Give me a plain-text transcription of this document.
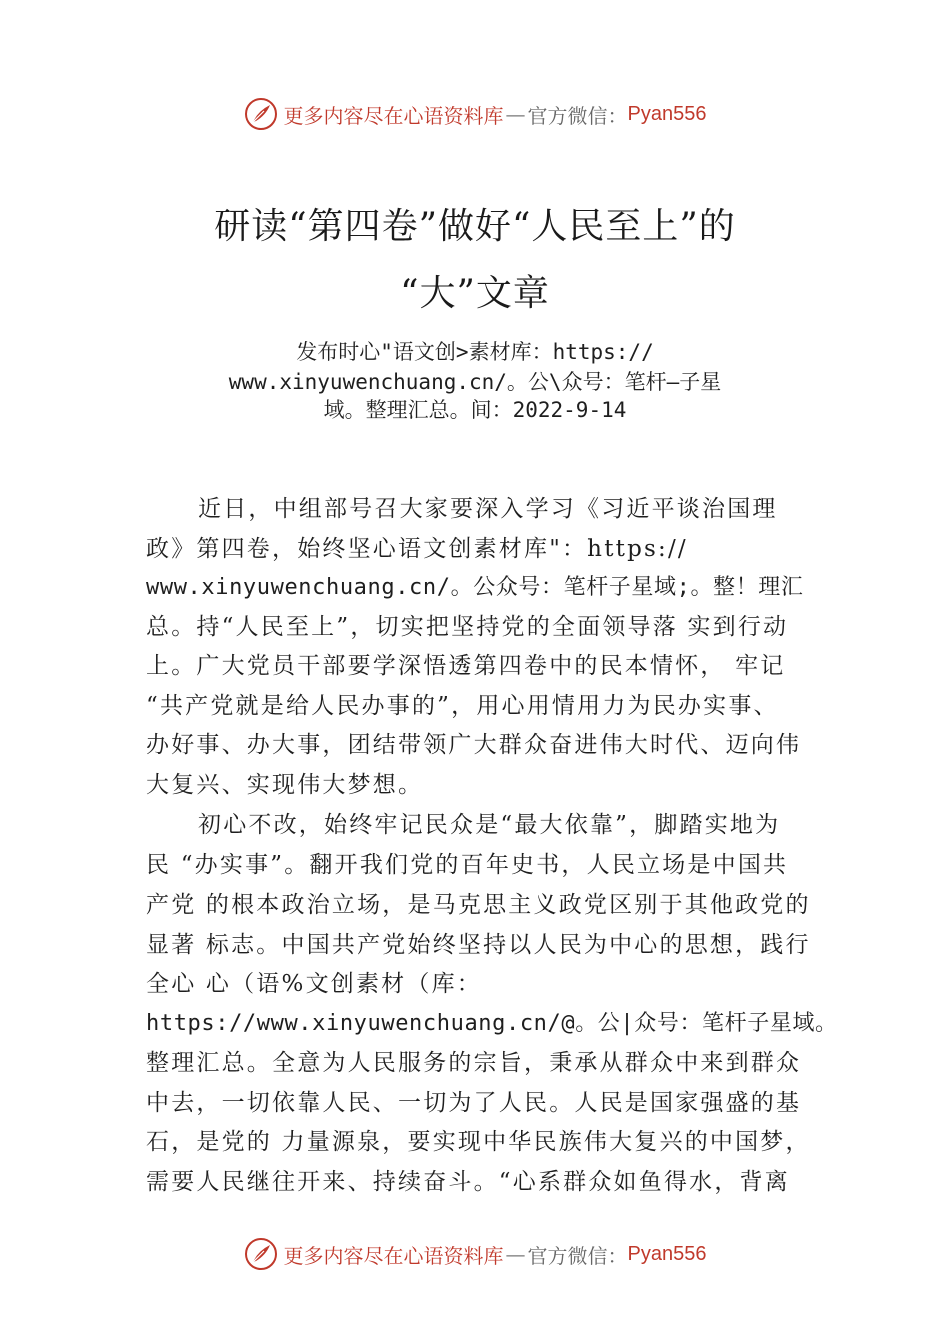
更多内容尽在心语资料库 — 官方微信： Pyan556
研读“第四卷”做好“人民至上”的
“大”文章
发布时心"语文创>素材库：https://
www.xinyuwenchuang.cn/。公\众号：笔杆—子星
域。整理汇总。间：2022-9-14
近日，中组部号召大家要深入学习《习近平谈治国理
政》第四卷，始终坚心语文创素材库"：https://
www.xinyuwenchuang.cn/。公众号：笔杆子星域;。整！理汇
总。持“人民至上”，切实把坚持党的全面领导落 实到行动
上。广大党员干部要学深悟透第四卷中的民本情怀， 牢记
“共产党就是给人民办事的”，用心用情用力为民办实事、
办好事、办大事，团结带领广大群众奋进伟大时代、迈向伟
大复兴、实现伟大梦想。
初心不改，始终牢记民众是“最大依靠”，脚踏实地为
民 “办实事”。翻开我们党的百年史书，人民立场是中国共
产党 的根本政治立场，是马克思主义政党区别于其他政党的
显著 标志。中国共产党始终坚持以人民为中心的思想，践行
全心 心（语%文创素材（库：
https://www.xinyuwenchuang.cn/@。公|众号：笔杆子星域。
整理汇总。全意为人民服务的宗旨，秉承从群众中来到群众
中去，一切依靠人民、一切为了人民。人民是国家强盛的基
石，是党的 力量源泉，要实现中华民族伟大复兴的中国梦，
需要人民继往开来、持续奋斗。“心系群众如鱼得水，背离
更多内容尽在心语资料库 — 官方微信： Pyan556
